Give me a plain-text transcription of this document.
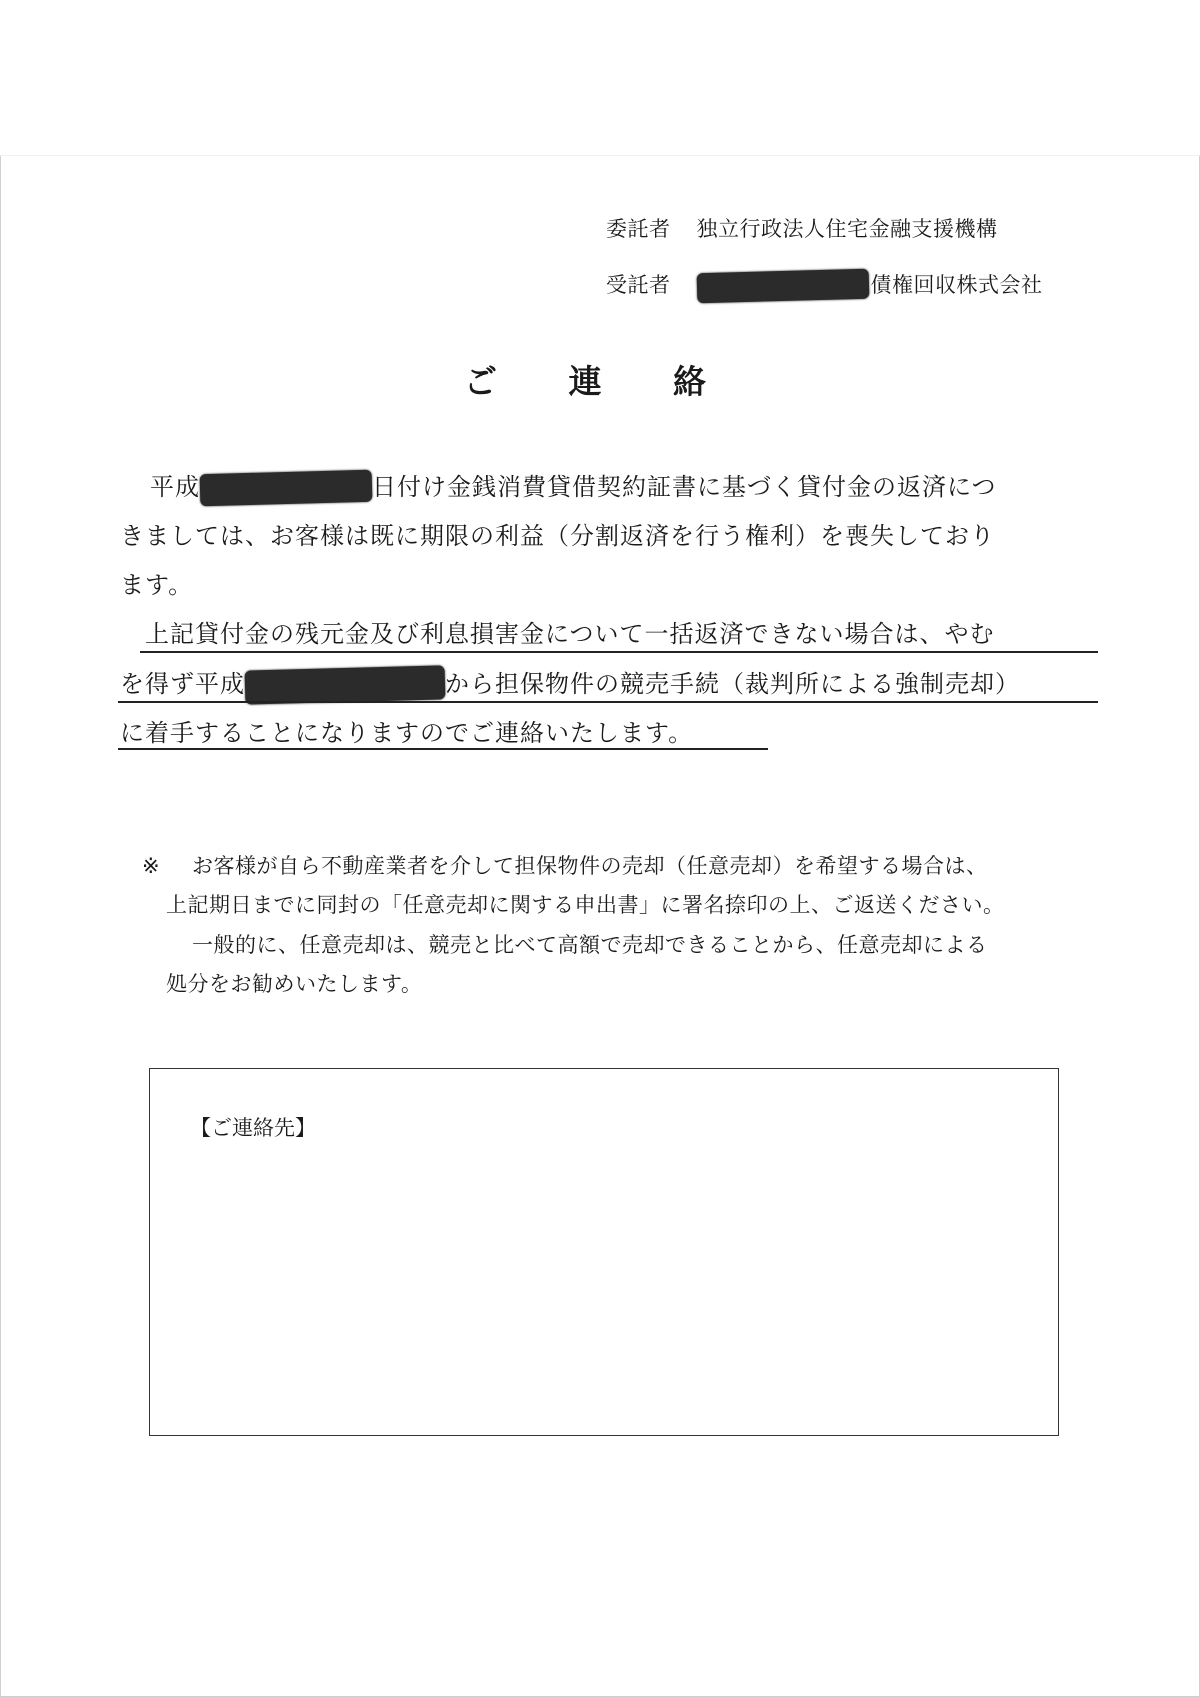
委託者 独立行政法人住宅金融支援機構
受託者	債権回収株式会社
ご 連 絡
平成	日付け金銭消費貸借契約証書に基づく貸付金の返済につ
きましては、お客様は既に期限の利益（分割返済を行う権利）を喪失しており
ます。
上記貸付金の残元金及び利息損害金について一括返済できない場合は、やむ
を得ず平成	から担保物件の競売手続（裁判所による強制売却）
に着手することになりますのでご連絡いたします。
※ お客様が自ら不動産業者を介して担保物件の売却（任意売却）を希望する場合は、
上記期日までに同封の「任意売却に関する申出書」に署名捺印の上、ご返送ください。
一般的に、任意売却は、競売と比べて高額で売却できることから、任意売却による
処分をお勧めいたします。
【ご連絡先】
